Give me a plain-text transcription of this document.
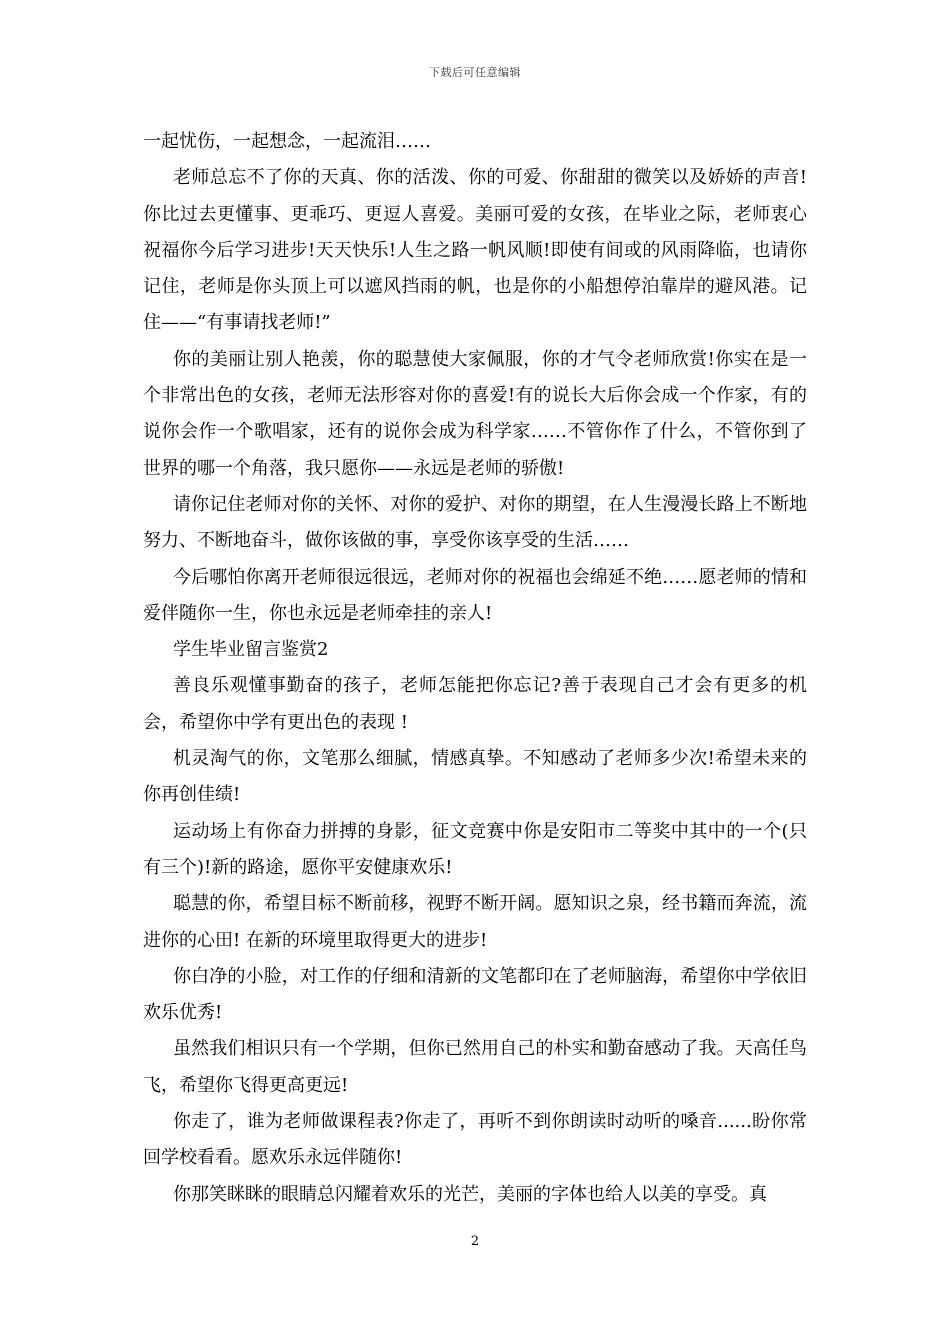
下载后可任意编辑

一起忧伤，一起想念，一起流泪……

老师总忘不了你的天真、你的活泼、你的可爱、你甜甜的微笑以及娇娇的声音!你比过去更懂事、更乖巧、更逗人喜爱。美丽可爱的女孩，在毕业之际，老师衷心祝福你今后学习进步!天天快乐!人生之路一帆风顺!即使有间或的风雨降临，也请你记住，老师是你头顶上可以遮风挡雨的帆，也是你的小船想停泊靠岸的避风港。记住——“有事请找老师!”

你的美丽让别人艳羡，你的聪慧使大家佩服，你的才气令老师欣赏!你实在是一个非常出色的女孩，老师无法形容对你的喜爱!有的说长大后你会成一个作家，有的说你会作一个歌唱家，还有的说你会成为科学家……不管你作了什么，不管你到了世界的哪一个角落，我只愿你——永远是老师的骄傲!

请你记住老师对你的关怀、对你的爱护、对你的期望，在人生漫漫长路上不断地努力、不断地奋斗，做你该做的事，享受你该享受的生活……

今后哪怕你离开老师很远很远，老师对你的祝福也会绵延不绝……愿老师的情和爱伴随你一生，你也永远是老师牵挂的亲人!

学生毕业留言鉴赏2

善良乐观懂事勤奋的孩子，老师怎能把你忘记?善于表现自己才会有更多的机会，希望你中学有更出色的表现 !

机灵淘气的你，文笔那么细腻，情感真挚。不知感动了老师多少次!希望未来的你再创佳绩!

运动场上有你奋力拼搏的身影，征文竞赛中你是安阳市二等奖中其中的一个(只有三个)!新的路途，愿你平安健康欢乐!

聪慧的你，希望目标不断前移，视野不断开阔。愿知识之泉，经书籍而奔流，流进你的心田! 在新的环境里取得更大的进步!

你白净的小脸，对工作的仔细和清新的文笔都印在了老师脑海，希望你中学依旧欢乐优秀!

虽然我们相识只有一个学期，但你已然用自己的朴实和勤奋感动了我。天高任鸟飞，希望你飞得更高更远!

你走了，谁为老师做课程表?你走了，再听不到你朗读时动听的嗓音......盼你常回学校看看。愿欢乐永远伴随你!

你那笑眯眯的眼睛总闪耀着欢乐的光芒，美丽的字体也给人以美的享受。真

2
